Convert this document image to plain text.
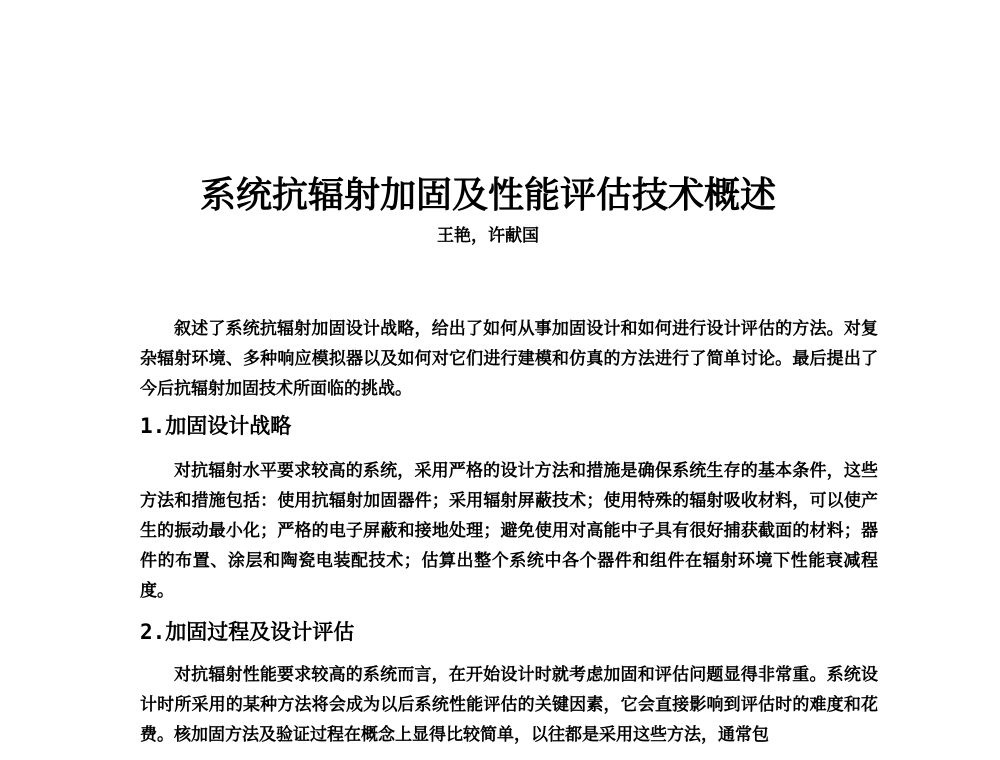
系统抗辐射加固及性能评估技术概述
王艳，许献国

叙述了系统抗辐射加固设计战略，给出了如何从事加固设计和如何进行设计评估的方法。对复杂辐射环境、多种响应模拟器以及如何对它们进行建模和仿真的方法进行了简单讨论。最后提出了今后抗辐射加固技术所面临的挑战。

1.加固设计战略

对抗辐射水平要求较高的系统，采用严格的设计方法和措施是确保系统生存的基本条件，这些方法和措施包括：使用抗辐射加固器件；采用辐射屏蔽技术；使用特殊的辐射吸收材料，可以使产生的振动最小化；严格的电子屏蔽和接地处理；避免使用对高能中子具有很好捕获截面的材料；器件的布置、涂层和陶瓷电装配技术；估算出整个系统中各个器件和组件在辐射环境下性能衰减程度。

2.加固过程及设计评估

对抗辐射性能要求较高的系统而言，在开始设计时就考虑加固和评估问题显得非常重。系统设计时所采用的某种方法将会成为以后系统性能评估的关键因素，它会直接影响到评估时的难度和花费。核加固方法及验证过程在概念上显得比较简单，以往都是采用这些方法，通常包
